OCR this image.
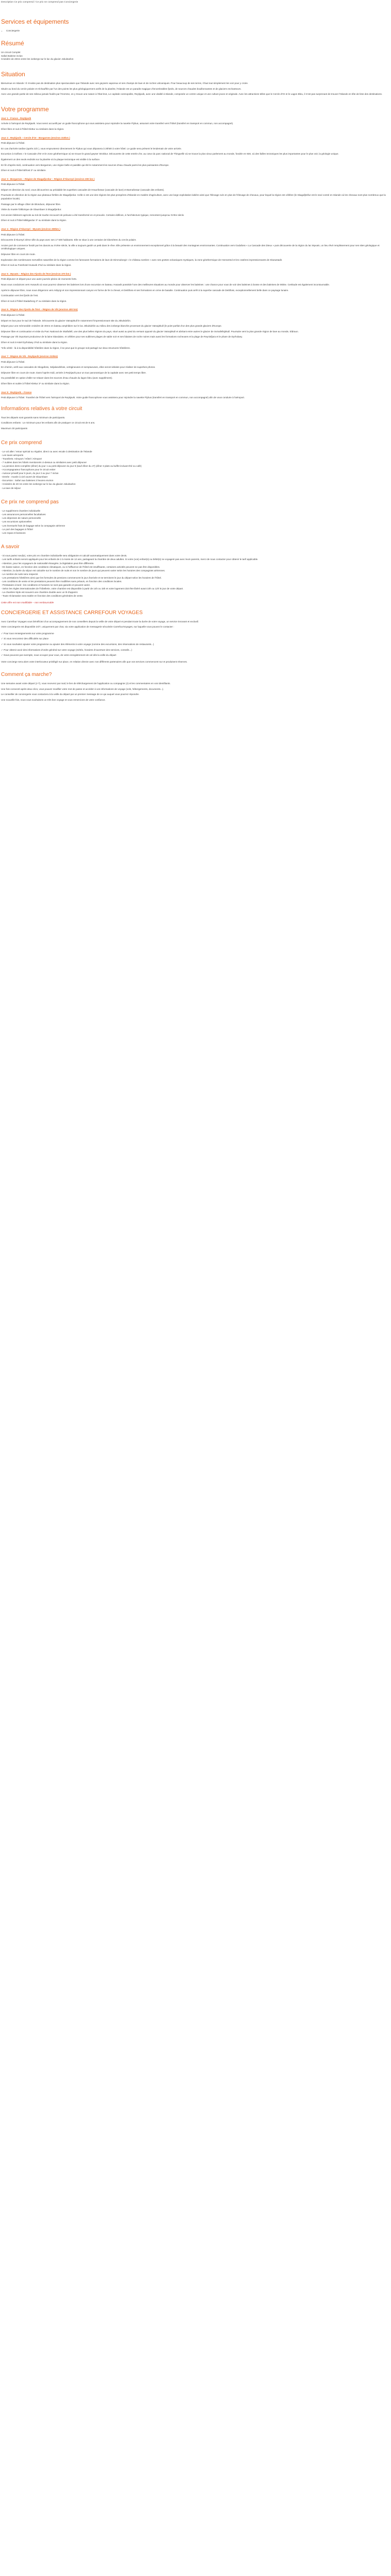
Description Ce prix comprend / Ce prix ne comprend pas Conciergerie
Services et équipements
• Conciergerie
Résumé

Un circuit Complet

Safari Baleine inclus

Croisière de 40mn entre les icebergs sur le lac du glacier Jokulsarlon

Situation

Bienvenue en Islande ! Il n'existe pas de destination plus spectaculaire que l'Islande avec ses geysers vaporeux et ses champs de lave et de roches volcaniques. Pour beaucoup de ses terres, il faut tout simplement les voir pour y croire.

Située au bord du cercle polaire et réchauffée par l'un des points les plus géologiquement actifs de la planète, l'Islande est un paradis magique d'innombrables fjords, de sources chaudes bouillonnantes et de glaciers enchanteurs.

Avec une grande partie de ses milieux jamais foulés par l'Homme, on y trouve une nature à l'état brut, Le capitale cosmopolite, Reykjavik, avec une vitalité à Islande, composée un centre unique et une culture jeune et originale. Avec les attractions telles que le Cercle d'Or et le Lagon Bleu, il n'est pas surprenant de trouver l'Islande en tête de liste des destinations.

Votre programme
Jour 1 : France - Reykjavik

Arrivée à l'aéroport de Reykjavik. Vous serez accueilli par un guide francophone qui vous assistera pour rejoindre la navette Flybus, assurant votre transfert vers l'hôtel (transfert en transport en commun, non accompagné).

Dîner libre et nuit à l'hôtel Klettur ou similaire dans la région.

Jour 2 : Reykjavik – Cercle d'Or - Borgarnes (environ 310km )

Petit déjeuner à l'hôtel.

En cas d'arrivée tardive (après 21h ), vous emprunterez directement le Flybus qui vous déposera à 20h00 à votre hôtel. Le guide sera présent le lendemain de votre arrivée.

Excursion à Golfoss » le Cascade d'Or et le zone géothermique où se trouve le grand geyser Strokkur. Découverte de cette entrée d'or, au cœur du parc national de Thingvellir où se trouve la plus vieux parlement au monde, fondée en 930, où des failles tectoniques les plus importantes pour le plus voir, la géologie unique.

Également un des seuls endroits sur la planète où la plaque tectonique est visible à la surface.

En fin d'après-midi, continuation vers Borgarnes, une région belle et paisible qui été le notamment les sources d'eau chaude parmi les plus puissantes d'Europe.

Dîner et nuit à l'hôtel Bifrost 3* ou similaire.

Jour 3 : Borgarnes – Région de Skagafjordur – Région d'Akureyri (environ 300 km )

Petit déjeuner à l'hôtel.

Départ en direction du nord, vous découvrirez au préalable les superbes cascades de Hraunfossar (cascade de lave) et Barnafossar (cascade des enfants).

Poursuite en direction de la région aux plateaux fertiles de Skagafjordur. Celle-ci est une des régions les plus prospères d'Islande en matière d'agriculture, avec une large exploitation laitière ainsi que l'élevage ovin en plus de l'élevage de chevaux, pour lequel la région est célèbre (le Skagafjörður est le seul comté en Islande où les chevaux sont plus nombreux que la population locale).

Passage par le village côtier de Blonduos, déjeuner libre.

Visite du musée folklorique de Glaumbaer à Skagafjordur.

Cet ancien bâtiment agricole au toit de tourbe recouvert de pelouse a été transformé en et prouvée. Certains édifices, à l'architecture typique, remontent jusqu'au XVIIIe siècle.

Dîner et nuit à l'hôtel Mikligardur 3* ou similaire dans la région.

Jour 4 : Région d'Akureyri - Myvatn (environ 280km )

Petit déjeuner à l'hôtel.

Découverte d'Akureyri 2ème ville du pays avec ses 17 500 habitants. Elle se situe à une centaine de kilomètres du cercle polaire.

Ancien port de commerce fondé par les danois au XVIIIe siècle, la ville a toujours gardé un petit dans le rêve. Elle présente un environnement exceptionnel grâce à la beauté des montagnes environnantes. Continuation vers Godafoss « La Cascade des Dieux » puis découverte de la région du lac Myvatn, un lieu rêvé remplissement pour ses sites géologique et ornithologique uniques.

Déjeuner libre en cours de route.

Exploration des nombreuses merveilles naturelles de la région comme les fameuses formations de lave de Dimmuborgir « le château sombre » avec ses grottes volcaniques mystiques, la zone géothermique de Hverarönd et les cratères impressionnants de Skutustadir.

Dîner et nuit au Fosshotel Husavik 3*sd ou similaire dans la région.

Jour 5 : Myvatn – Région des Fjords de l'Est (environ 370 km )

Petit déjeuner et départ pour une autre journée pleine de moments forts.

Nous vous conduirons vers Husavik où vous pourrez observer les baleines lors d'une excursion en bateau. Husavik possède l'une des meilleures situations au monde pour observer les baleines : une chance pour vous de voir des baleines à bosse et des baleines de Minke. Certitude est également incontournable.

Après le déjeuner libre, nous nous dirigerons vers Asbyrgi et son impressionnant canyon en forme de fer à cheval, et Dettifoss et ses formations en orme de basalte. Continuation puis arrêt à la superbe cascade de Dettifoss, exceptionnellement belle dans ce paysage lunaire.

Continuation vers les fjords de l'est.

Dîner et nuit à l'hôtel Stadarborg 3* ou similaire dans la région.

Jour 6 : Région des Fjords de l'Est – Région de Vik (environ 400 km)

Petit déjeuner à l'hôtel.

Départ en bus pour le sud de l'Islande. Découverte du glacier Vatnajökull le notamment l'impressionnant site du Jökulsárlón.

Départ pour une mémorable croisière de 40mn en bateau amphibien sur le lac Jökulsárlón au milieu des icebergs blanchis provenant du glacier Vatnajökull (le point parfait d'un des plus grands glaciers d'Europe.

Déjeuner libre et continuation et visite du Parc National de Skaftafell, une des plus belles régions du pays, situé aussi au pied du versant opposé du glacier Vatnajökull et abritant entre autres le glacier de Svinafellsjökull. Poursuite vers la plus grande région de lave au monde, Eldraun.

Passage par Vik important producteur de la laine islandaise, et célèbre pour ses sublimes plages de sable noir et ses falaises de roche noires mais aussi les formations rocheuses et la plage de Reynisfjara et le phare de Dyrholaey.

Dîner et nuit à Hotel Dyrholaey 3*sd ou similaire dans la région.

*Info vérité : là à la disponibilité hôtelière dans la région, il se peut que le groupe soit partagé sur deux structures hôtelières.

Jour 7 : Région de Vik - Reykjavik (environ 210km)

Petit déjeuner à l'hôtel.

En chemin, arrêt aux cascades de Skogafoss, Seljalandsfoss, vertigineuses et somptueuses, elles seront idéales pour réaliser de superbes photos.

Déjeuner libre en cours de route. Dans l'après-midi, arrivée à Reykjavik pour un tour panoramique de la capitale avec ses petit temps libre.

Ou possibilité en option d'aller se relaxer dans les sources d'eau chaude du lagon bleu (avec supplément).

Dîner libre et nuitée à l'hôtel Klettur 3* ou similaire dans la région.

Jour 8 : Reykjavik – France

Petit déjeuner à l'hôtel. Transfert de l'hôtel vers l'aéroport de Reykjavik. Votre guide francophone vous assistera pour rejoindre la navette Flybus (transfert en transport en commun, non accompagné) afin de vous conduire à l'aéroport.

Informations relatives à votre circuit

Tous les départs sont garantis sans minimum de participants.

Conditions enfants : Le minimum pour les enfants afin de pratiquer ce circuit est de 6 ans.

Maximum 30 participants

Ce prix comprend

- Le vol aller / retour spécial ou régulier, direct ou avec escale à destination de l'Islande

- Les taxes aéroports

- Transferts: Aéroport / Hôtel / Aéroport

- 7 nuitées dans les hôtels mentionnés ci-dessus ou similaires avec petit déjeuner

- La pension demi-complète (dîner) du jour 1 au petit déjeuner du jour 8 (sauf dîner du J7) (dîner 3 plats ou buffet incluant thé ou café)

- Accompagnateur francophone pour le circuit entier

- Autocar privatif pour 6 jours, du jour 2 au jour 7 inclus

- Entrée : musée à ciel ouvert de Glaumbaer

- Excursion : Safari aux baleines 3 heures environ

- Croisière de 40 mn entre les icebergs sur le lac du glacier Jokulsarlon

- La taxe de séjour

Ce prix ne comprend pas

- Le supplément chambre individuelle

- Les assurances personnelles facultatives

- Les dépenses de nature personnelle

- Les excursions optionnelles

- Les éventuels frais de bagage selon la compagnie aérienne

- Le port des bagages à l'hôtel

- Les repas et boissons

A savoir

- Si vous partez seul(e), votre prix en chambre individuelle sera obligatoire et calculé automatiquement dans votre devis.

- Les tarifs enfants seront appliqués pour les enfants de 2 à moins de 12 ans, partageant la chambre de deux adultes. Si votre (vos) enfant(s) ou bébé(s) ne voyagent pas avec leurs parents, merci de nous contacter pour obtenir le tarif applicable.

- Attention, pour les voyageurs de nationalité étrangère, la législation peut être différente.

- En basse saison, en fonction des conditions climatiques, ou si l'affluence de l'hôtel est insuffisante, certaines activités peuvent ne pas être disponibles.

- Attention, la durée du séjour est calculée sur le nombre de nuits et non le nombre de jours qui peuvent varier selon les horaires des compagnies aériennes.

- Le nombre de nuits sera respecté.

- Les prestations hôtelières ainsi que les formules de pensions commencent le jour d'arrivée et se terminent le jour du départ selon les horaires de l'hôtel.

- Les conditions de vente et les prestations peuvent être modifiées sans préavis, en fonction des conditions locales.

- Prestataire à bord : les conditions et horaires ne sont pas garantis et peuvent varier.

- Selon les règles internationales de l'hôtellerie, votre chambre est disponible à partir de 14h ou 15h et votre logement doit être libéré avant 10h ou 12h le jour de votre départ.

- La chambre triple est souvent une chambre double avec un lit d'appoint.

- Toute réclamation sera traitée en fonction des conditions générales de vente.

Cette offre est non modifiable – non remboursable

CONCIERGERIE ET ASSISTANCE CARREFOUR VOYAGES

Avec Carrefour Voyages vous bénéficiez d'un accompagnement de nos conseillers depuis la veille de votre départ et pendant toute la durée de votre voyage, un service innovant et exclusif.

Votre conciergerie est disponible 24/7, uniquement par chat, via votre application de messagerie sécurisée CarrefourVoyages, sur laquelle vous pouvez le contacter :

✓ Pour tous renseignements sur votre programme

✓ Si vous rencontrez des difficultés sur place

✓ Si vous souhaitez ajouter votre programme ou ajouter des éléments à votre voyage (comme des excursions, des réservations de restaurants...)

✓ Pour obtenir avoir des informations d'ordre général sur votre voyage (météo, horaires d'ouverture des services, conseils...)

✓ Nous pouvons par exemple, nous occuper pour vous, de votre enregistrement de vol dès la veille du départ

Votre concierge sera alors votre interlocuteur privilégié sur place, en relation directe avec nos différents partenaires afin que vos services commencent sur et produisent réserves.

Comment ça marche?

Une semaine avant votre départ (J-7), vous recevrez par mail, le lien de téléchargement de l'application ou compagnie (J) et les commentaires en vos identifiants.

Une fois connecté après deux clics, vous pouvez modifier votre mot de passe et accéder à vos informations de voyage (vols, hébergements, documents...).

Le conseiller de conciergerie vous contactera à la veille du départ par un premier message de ce qui auquel vous pourrez répondre.

Une nouvelle fois, nous vous souhaitons un très bon voyage et vous remercions de votre confiance.
